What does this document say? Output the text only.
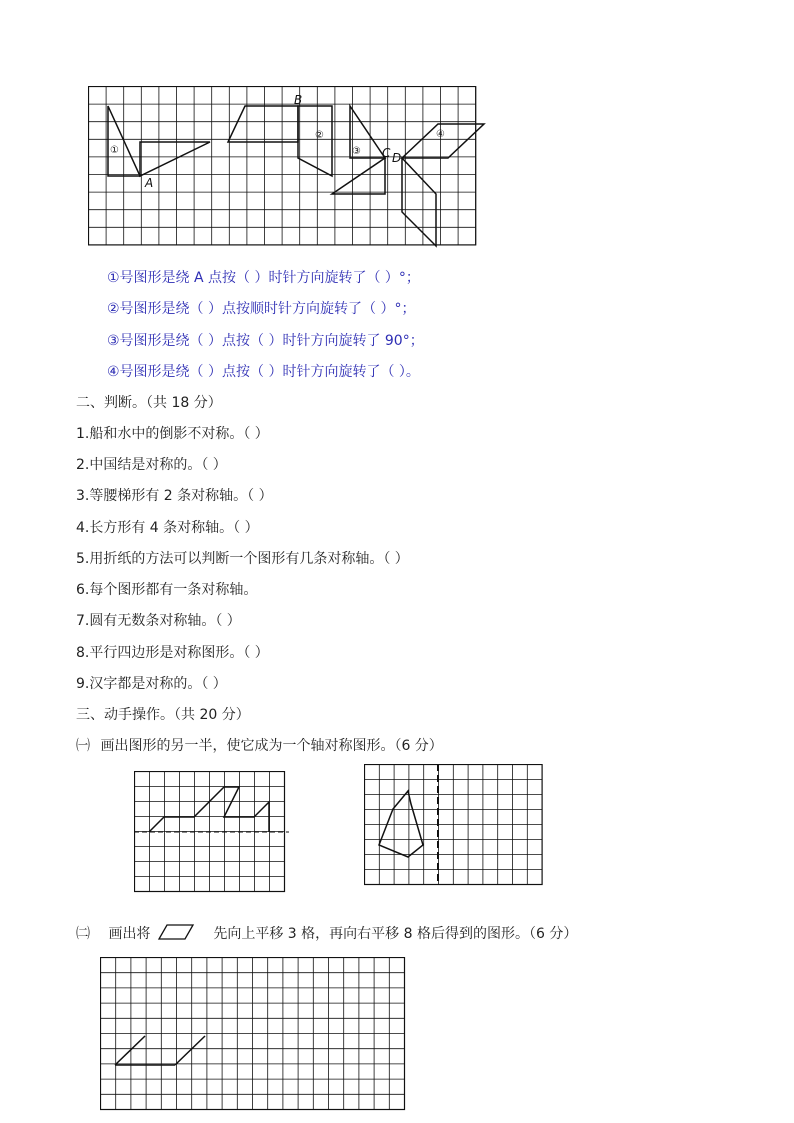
B
A
C D
①
②
③
④
①号图形是绕 A 点按（ ）时针方向旋转了（ ）°；
②号图形是绕（ ）点按顺时针方向旋转了（ ）°；
③号图形是绕（ ）点按（ ）时针方向旋转了 90°；
④号图形是绕（ ）点按（ ）时针方向旋转了（ ）。
二、判断。（共 18 分）
1.船和水中的倒影不对称。（ ）
2.中国结是对称的。（ ）
3.等腰梯形有 2 条对称轴。（ ）
4.长方形有 4 条对称轴。（ ）
5.用折纸的方法可以判断一个图形有几条对称轴。（ ）
6.每个图形都有一条对称轴。
7.圆有无数条对称轴。（ ）
8.平行四边形是对称图形。（ ）
9.汉字都是对称的。（ ）
三、动手操作。（共 20 分）
㈠ 画出图形的另一半，使它成为一个轴对称图形。（6 分）
㈡ 画出将	先向上平移 3 格，再向右平移 8 格后得到的图形。（6 分）
